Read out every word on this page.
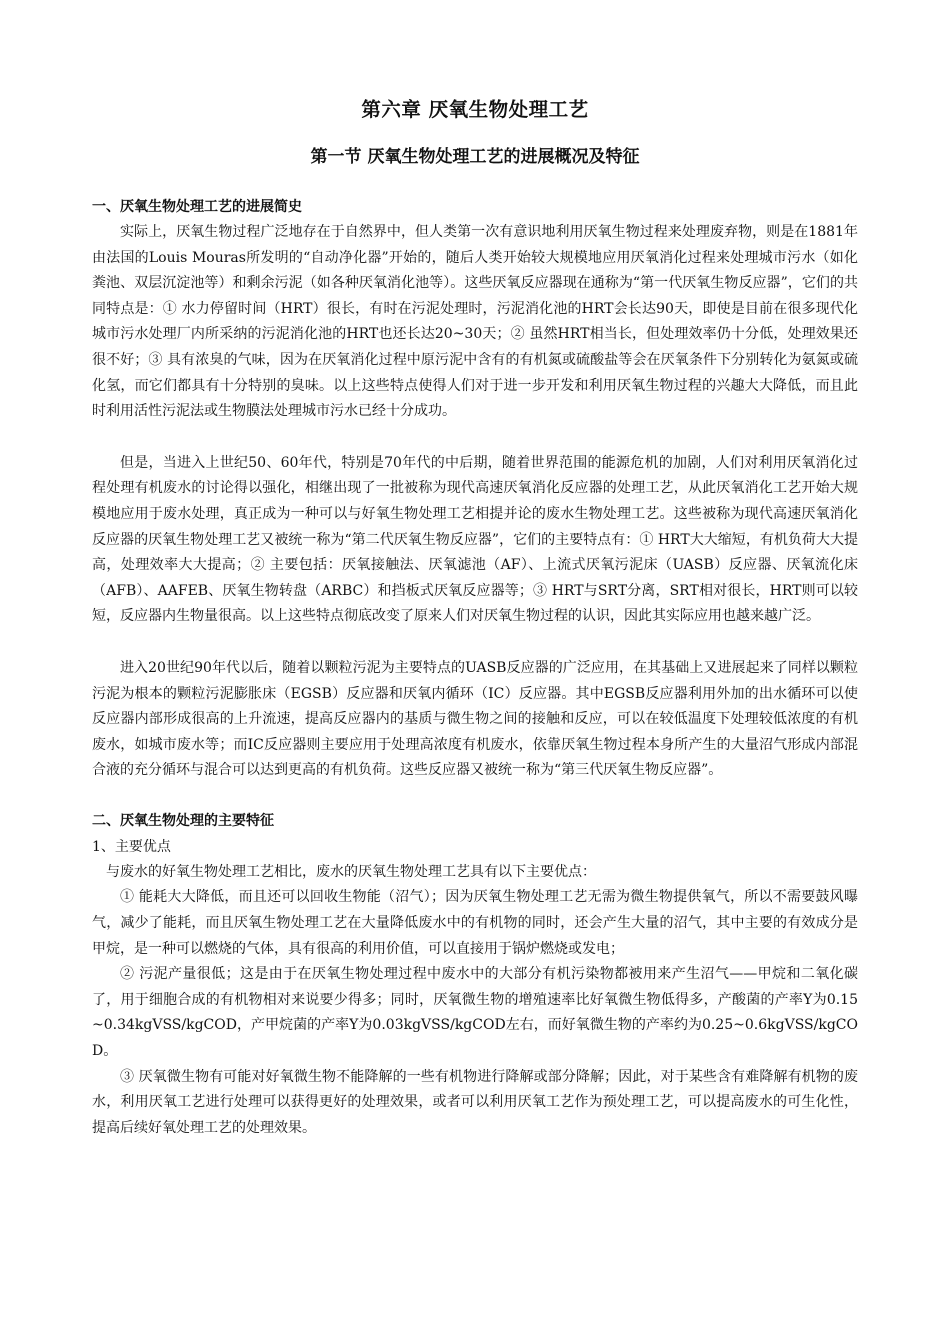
第六章 厌氧生物处理工艺
第一节 厌氧生物处理工艺的进展概况及特征
一、厌氧生物处理工艺的进展简史

实际上，厌氧生物过程广泛地存在于自然界中，但人类第一次有意识地利用厌氧生物过程来处理废弃物，则是在1881年由法国的Louis Mouras所发明的“自动净化器”开始的，随后人类开始较大规模地应用厌氧消化过程来处理城市污水（如化粪池、双层沉淀池等）和剩余污泥（如各种厌氧消化池等）。这些厌氧反应器现在通称为“第一代厌氧生物反应器”，它们的共同特点是：① 水力停留时间（HRT）很长，有时在污泥处理时，污泥消化池的HRT会长达90天，即使是目前在很多现代化城市污水处理厂内所采纳的污泥消化池的HRT也还长达20~30天；② 虽然HRT相当长，但处理效率仍十分低，处理效果还很不好；③ 具有浓臭的气味，因为在厌氧消化过程中原污泥中含有的有机氮或硫酸盐等会在厌氧条件下分别转化为氨氮或硫化氢，而它们都具有十分特别的臭味。以上这些特点使得人们对于进一步开发和利用厌氧生物过程的兴趣大大降低，而且此时利用活性污泥法或生物膜法处理城市污水已经十分成功。

但是，当进入上世纪50、60年代，特别是70年代的中后期，随着世界范围的能源危机的加剧，人们对利用厌氧消化过程处理有机废水的讨论得以强化，相继出现了一批被称为现代高速厌氧消化反应器的处理工艺，从此厌氧消化工艺开始大规模地应用于废水处理，真正成为一种可以与好氧生物处理工艺相提并论的废水生物处理工艺。这些被称为现代高速厌氧消化反应器的厌氧生物处理工艺又被统一称为“第二代厌氧生物反应器”，它们的主要特点有：① HRT大大缩短，有机负荷大大提高，处理效率大大提高；② 主要包括：厌氧接触法、厌氧滤池（AF）、上流式厌氧污泥床（UASB）反应器、厌氧流化床（AFB）、AAFEB、厌氧生物转盘（ARBC）和挡板式厌氧反应器等；③ HRT与SRT分离，SRT相对很长，HRT则可以较短，反应器内生物量很高。以上这些特点彻底改变了原来人们对厌氧生物过程的认识，因此其实际应用也越来越广泛。

进入20世纪90年代以后，随着以颗粒污泥为主要特点的UASB反应器的广泛应用，在其基础上又进展起来了同样以颗粒污泥为根本的颗粒污泥膨胀床（EGSB）反应器和厌氧内循环（IC）反应器。其中EGSB反应器利用外加的出水循环可以使反应器内部形成很高的上升流速，提高反应器内的基质与微生物之间的接触和反应，可以在较低温度下处理较低浓度的有机废水，如城市废水等；而IC反应器则主要应用于处理高浓度有机废水，依靠厌氧生物过程本身所产生的大量沼气形成内部混合液的充分循环与混合可以达到更高的有机负荷。这些反应器又被统一称为“第三代厌氧生物反应器”。

二、厌氧生物处理的主要特征
1、主要优点

与废水的好氧生物处理工艺相比，废水的厌氧生物处理工艺具有以下主要优点：

① 能耗大大降低，而且还可以回收生物能（沼气）；因为厌氧生物处理工艺无需为微生物提供氧气，所以不需要鼓风曝气，减少了能耗，而且厌氧生物处理工艺在大量降低废水中的有机物的同时，还会产生大量的沼气，其中主要的有效成分是甲烷，是一种可以燃烧的气体，具有很高的利用价值，可以直接用于锅炉燃烧或发电；

② 污泥产量很低；这是由于在厌氧生物处理过程中废水中的大部分有机污染物都被用来产生沼气——甲烷和二氧化碳了，用于细胞合成的有机物相对来说要少得多；同时，厌氧微生物的增殖速率比好氧微生物低得多，产酸菌的产率Y为0.15~0.34kgVSS/kgCOD，产甲烷菌的产率Y为0.03kgVSS/kgCOD左右，而好氧微生物的产率约为0.25~0.6kgVSS/kgCOD。

③ 厌氧微生物有可能对好氧微生物不能降解的一些有机物进行降解或部分降解；因此，对于某些含有难降解有机物的废水，利用厌氧工艺进行处理可以获得更好的处理效果，或者可以利用厌氧工艺作为预处理工艺，可以提高废水的可生化性，提高后续好氧处理工艺的处理效果。
